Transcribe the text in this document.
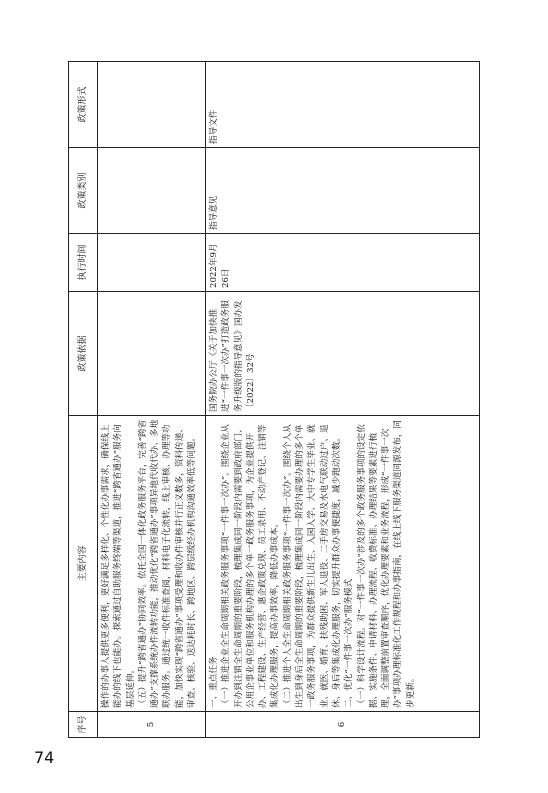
序号	主要内容	政策依据	执行时间	政策类别	政策形式
5	操作的办事人提供更多便利，更好满足多样化、个性化办事需求，确保线上能办的线下也能办。探索通过自助服务终端等渠道，推进“跨省通办”服务向基层延伸。 （五）提升“跨省通办”协同效率。依托全国一体化政务服务平台，完善“跨省通办”支撑系统办件流转功能，推动优化“跨省通办”事项异地代收代办、多地联办服务。通过统一收件标准查阅，材料电子化流转，线上审核、办理等功能，加快实现“跨省通办”事项受理和收办件审核并行正义数多，资料传递、审查、核验、送达耗时长、跨地区、跨层级经办机构沟通效率低等问题。				

6	一、重点任务 （一）推进企业全生命周期相关政务服务事项“一件事一次办”。围绕企业从开办到注销全生命周期的重要阶段，梳理集成同一阶段内需要到政府部门、公用企事业单位和服务机构办理的多个单一政务服务事项，为企业提供开办、工程建设、生产经营、惠企政策兑现、员工录用、不动产登记、注销等集成化办理服务，提高办事效率，降低办事成本。 （二）推进个人全生命周期相关政务服务事项“一件事一次办”。围绕个人从出生到身后全生命周期的重要阶段，梳理集成同一阶段内需要办理的多个单一政务服务事项，为群众提供新生儿出生、入园入学、大中专学生毕业、就业、就医、婚育、扶残助困、军人退役、二手房交易及水电气联动过户、退休、身后等集成化办理服务，切实提升群众办事便捷度，减少跑动次数。 二、优化“一件事一次办”服务模式 （一）科学设计流程。对“一件事一次办”涉及的多个政务服务事项的设定依据、实施条件、申请材料、办理流程、收费标准、办理结果等要素进行梳理，全面调整前置审查顺序，优化办理要素和业务流程，形成“一件事一次办”事项办理标准化工作规程和办事指南，在线上线下服务渠道同源发布，同步更新。	国务院办公厅《关于加快推进“一件事一次办”打造政务服务升级版的指导意见》国办发〔2022〕32号	2022年9月26日	指导意见	指导文件
74
